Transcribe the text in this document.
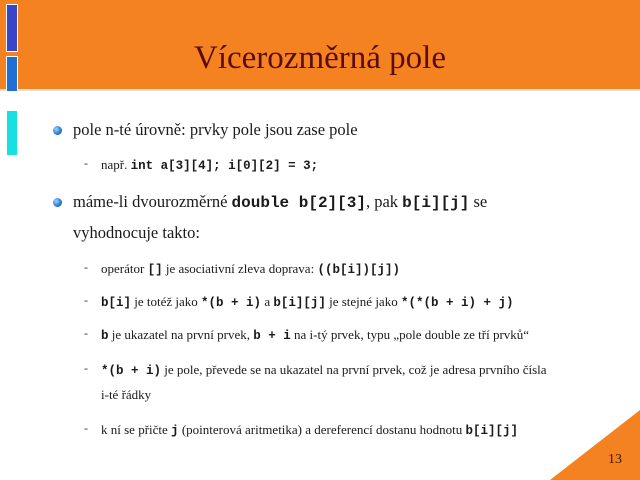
Vícerozměrná pole
pole n-té úrovně: prvky pole jsou zase pole
- např. int a[3][4]; i[0][2] = 3;
máme-li dvourozměrné double b[2][3], pak b[i][j] se
vyhodnocuje takto:
- operátor [] je asociativní zleva doprava: ((b[i])[j])
- b[i] je totéž jako *(b + i) a b[i][j] je stejné jako *(*(b + i) + j)
- b je ukazatel na první prvek, b + i na i-tý prvek, typu „pole double ze tří prvků“
- *(b + i) je pole, převede se na ukazatel na první prvek, což je adresa prvního čísla
i-té řádky
- k ní se přičte j (pointerová aritmetika) a dereferencí dostanu hodnotu b[i][j]
13
